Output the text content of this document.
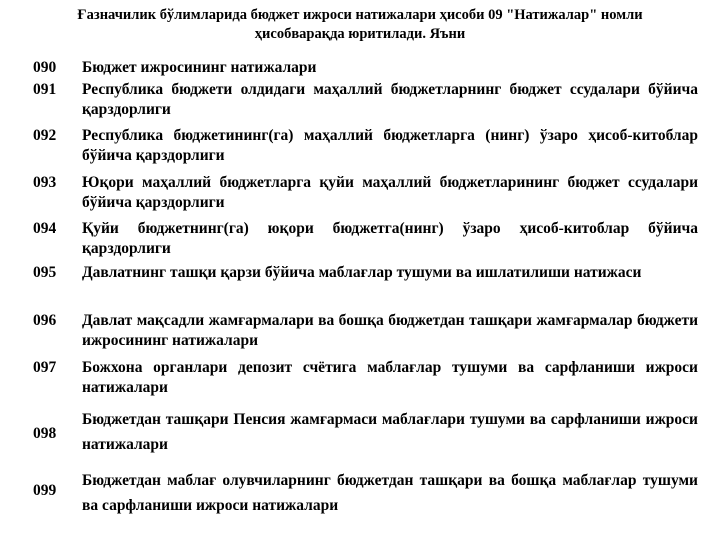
Ғазначилик бўлимларида бюджет ижроси натижалари ҳисоби 09 "Натижалар" номли
ҳисобварақда юритилади. Яъни
090 Бюджет ижросининг натижалари
091 Республика бюджети олдидаги маҳаллий бюджетларнинг бюджет ссудалари бўйича қарздорлиги
092 Республика бюджетининг(га) маҳаллий бюджетларга (нинг) ўзаро ҳисоб-китоблар бўйича қарздорлиги
093 Юқори маҳаллий бюджетларга қуйи маҳаллий бюджетларининг бюджет ссудалари бўйича қарздорлиги
094 Қуйи бюджетнинг(га) юқори бюджетга(нинг) ўзаро ҳисоб-китоблар бўйича қарздорлиги
095 Давлатнинг ташқи қарзи бўйича маблағлар тушуми ва ишлатилиши натижаси
096 Давлат мақсадли жамғармалари ва бошқа бюджетдан ташқари жамғармалар бюджети ижросининг натижалари
097 Божхона органлари депозит счётига маблағлар тушуми ва сарфланиши ижроси натижалари
098
Бюджетдан ташқари Пенсия жамғармаси маблағлари тушуми ва сарфланиши ижроси натижалари
099
Бюджетдан маблағ олувчиларнинг бюджетдан ташқари ва бошқа маблағлар тушуми ва сарфланиши ижроси натижалари
